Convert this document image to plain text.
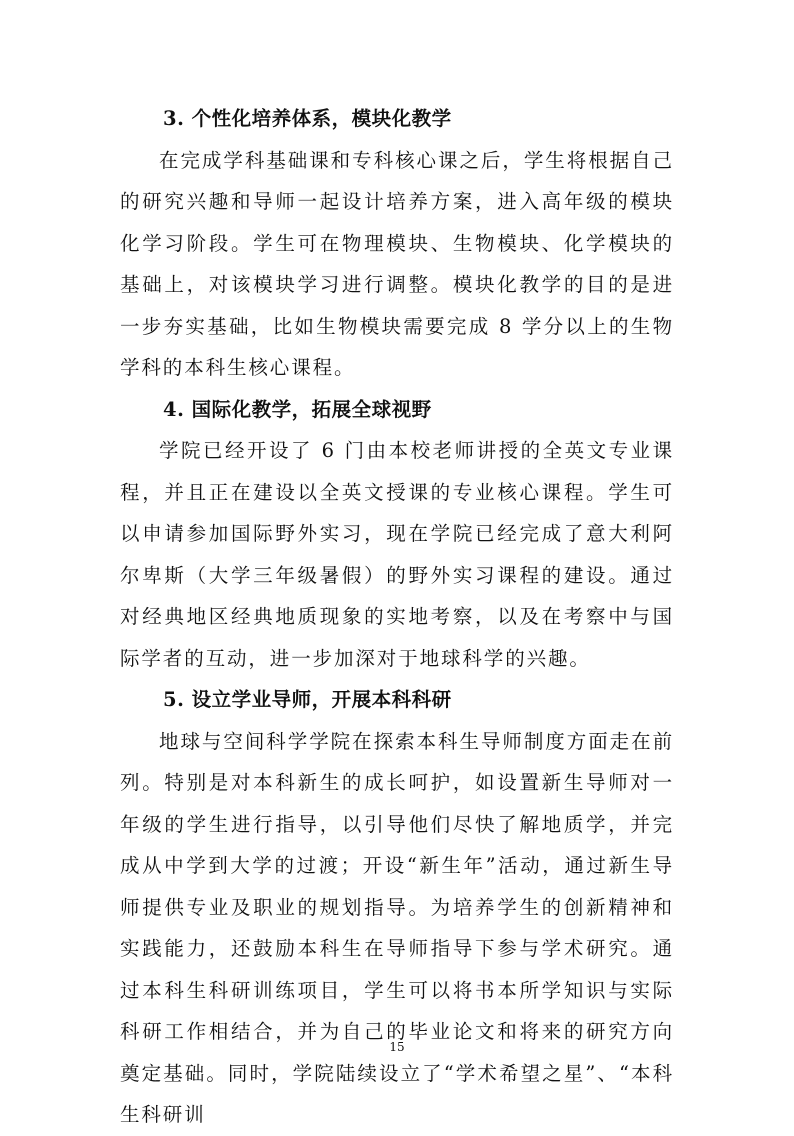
3. 个性化培养体系，模块化教学

在完成学科基础课和专科核心课之后，学生将根据自己的研究兴趣和导师一起设计培养方案，进入高年级的模块化学习阶段。学生可在物理模块、生物模块、化学模块的基础上，对该模块学习进行调整。模块化教学的目的是进一步夯实基础，比如生物模块需要完成 8 学分以上的生物学科的本科生核心课程。

4. 国际化教学，拓展全球视野

学院已经开设了 6 门由本校老师讲授的全英文专业课程，并且正在建设以全英文授课的专业核心课程。学生可以申请参加国际野外实习，现在学院已经完成了意大利阿尔卑斯（大学三年级暑假）的野外实习课程的建设。通过对经典地区经典地质现象的实地考察，以及在考察中与国际学者的互动，进一步加深对于地球科学的兴趣。

5. 设立学业导师，开展本科科研

地球与空间科学学院在探索本科生导师制度方面走在前列。特别是对本科新生的成长呵护，如设置新生导师对一年级的学生进行指导，以引导他们尽快了解地质学，并完成从中学到大学的过渡；开设“新生年”活动，通过新生导师提供专业及职业的规划指导。为培养学生的创新精神和实践能力，还鼓励本科生在导师指导下参与学术研究。通过本科生科研训练项目，学生可以将书本所学知识与实际科研工作相结合，并为自己的毕业论文和将来的研究方向奠定基础。同时，学院陆续设立了“学术希望之星”、“本科生科研训

15
